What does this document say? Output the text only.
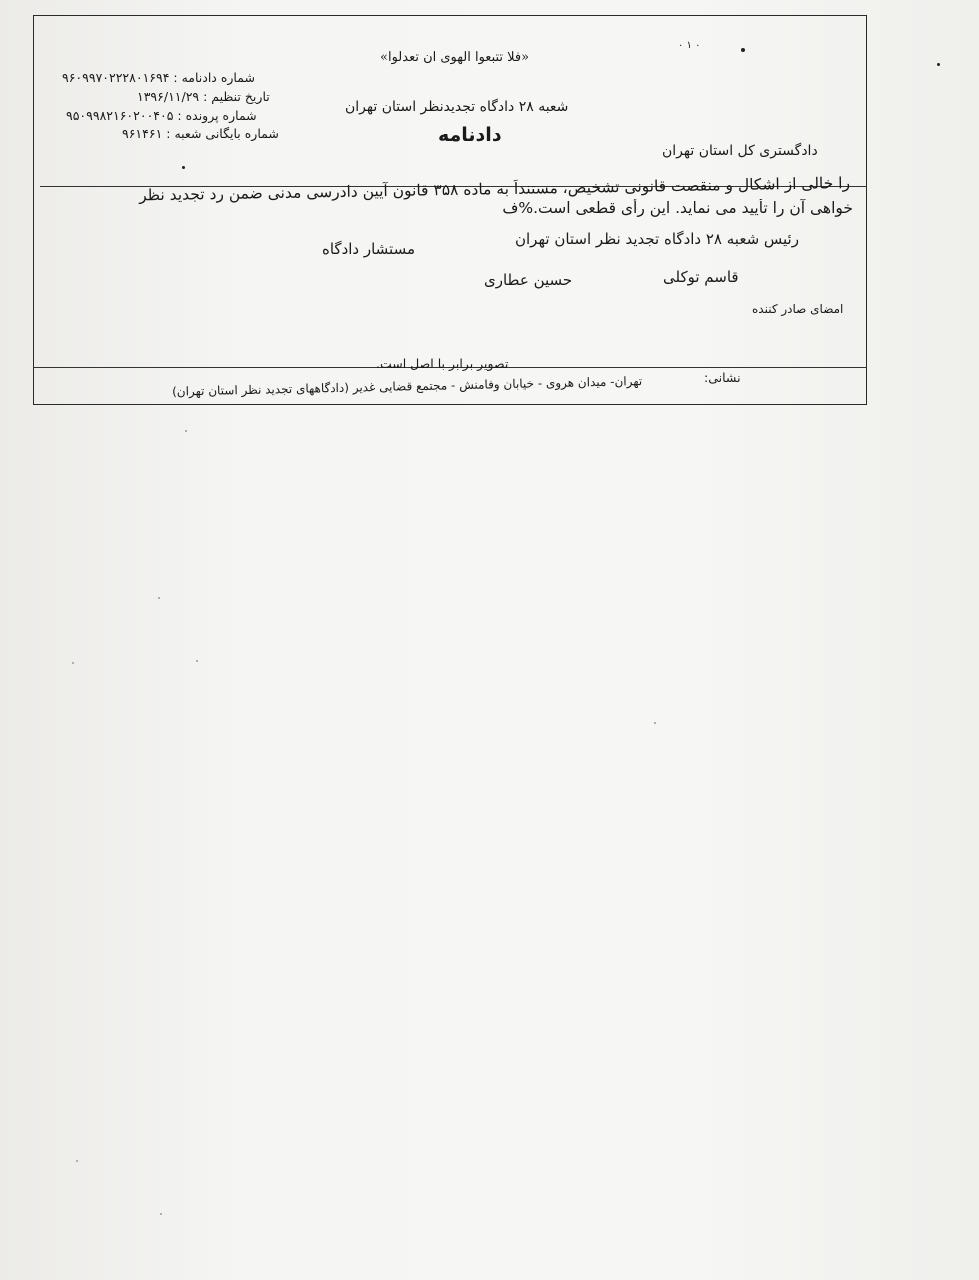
۰ ۱ ۰
«فلا تتبعوا الهوى ان تعدلوا»
شعبه ۲۸ دادگاه تجدیدنظر استان تهران
دادنامه
دادگستری کل استان تهران
شماره دادنامه : ۹۶۰۹۹۷۰۲۲۲۸۰۱۶۹۴
تاریخ تنظیم : ۱۳۹۶/۱۱/۲۹
شماره پرونده : ۹۵۰۹۹۸۲۱۶۰۲۰۰۴۰۵
شماره بایگانی شعبه : ۹۶۱۴۶۱
را خالی از اشکال و منقصت قانونی تشخیص، مستنداً به ماده ۳۵۸ قانون آیین دادرسی مدنی ضمن رد تجدید نظر
خواهی آن را تأیید می نماید. این رأی قطعی است.%ف
رئیس شعبه ۲۸ دادگاه تجدید نظر استان تهران
مستشار دادگاه
قاسم توکلی
حسین عطاری
امضای صادر کننده
تصویر برابر با اصل است.
نشانی:
تهران- میدان هروی - خیابان وفامنش - مجتمع قضایی غدیر (دادگاههای تجدید نظر استان تهران)
